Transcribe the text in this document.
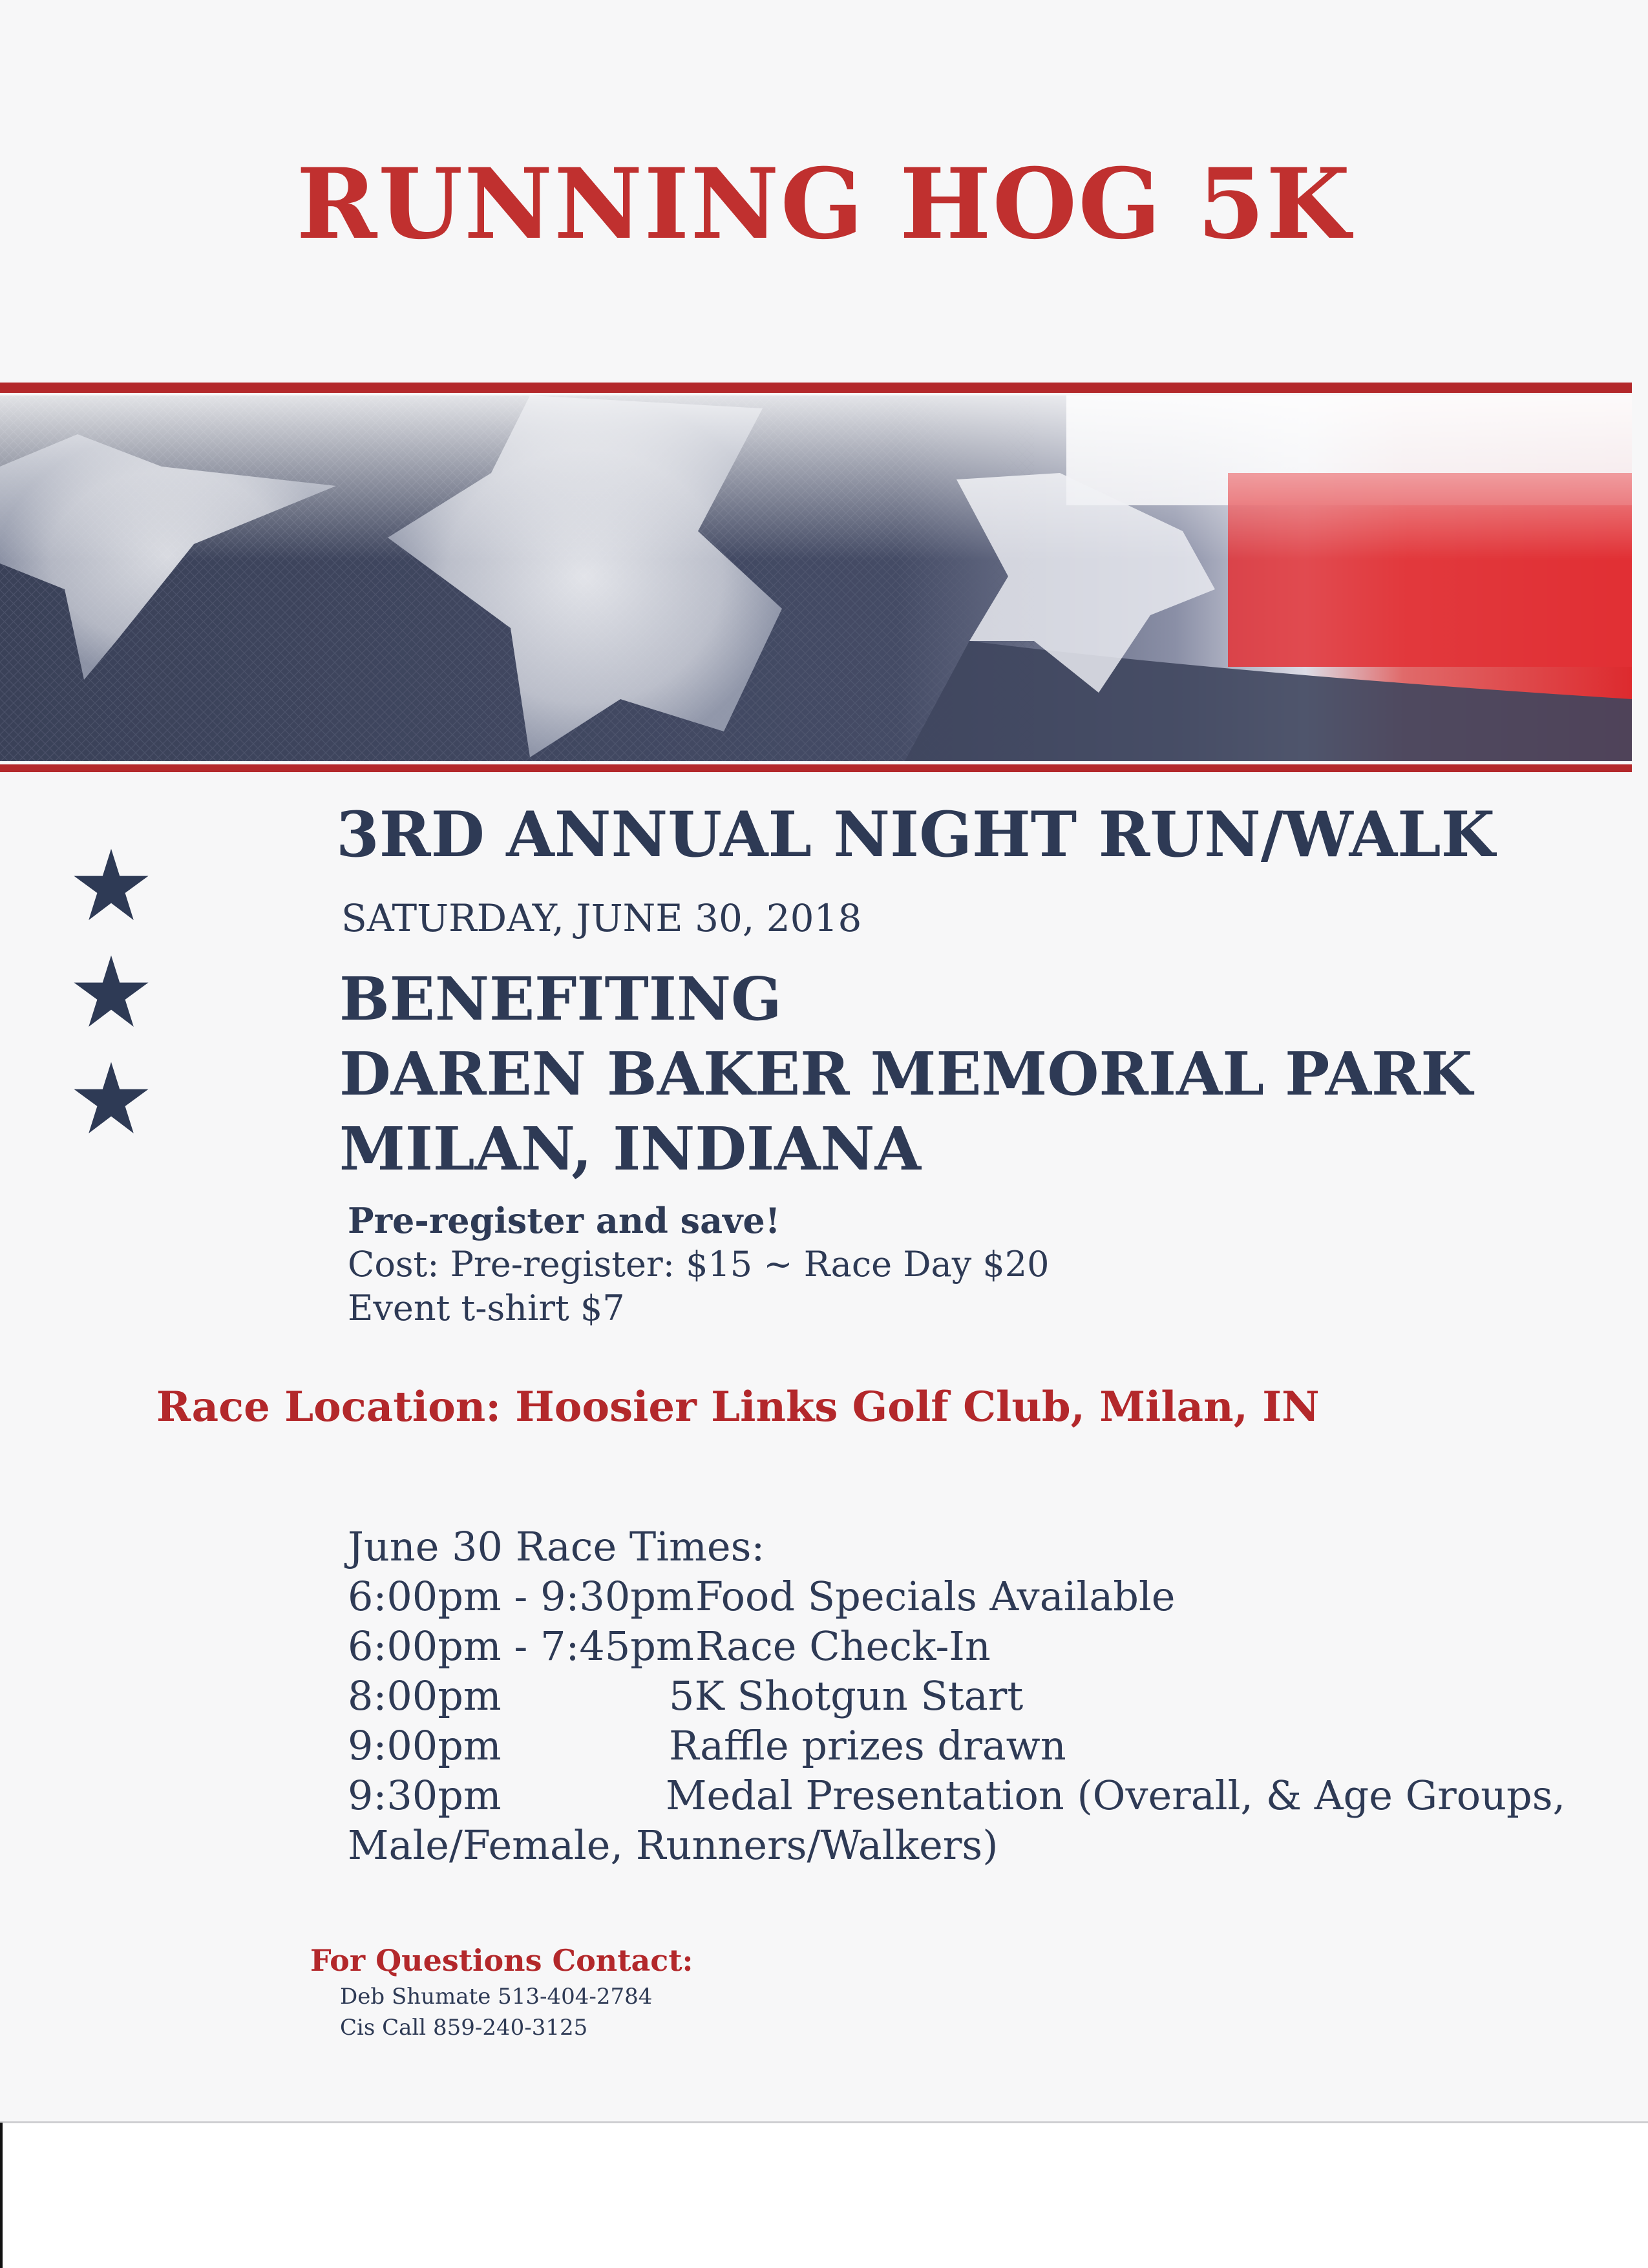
RUNNING HOG 5K
3RD ANNUAL NIGHT RUN/WALK
SATURDAY, JUNE 30, 2018
BENEFITING
DAREN BAKER MEMORIAL PARK
MILAN, INDIANA
Pre-register and save!
Cost: Pre-register: $15 ~ Race Day $20
Event t-shirt $7
Race Location: Hoosier Links Golf Club, Milan, IN
June 30 Race Times:
6:00pm - 9:30pm Food Specials Available
6:00pm - 7:45pm Race Check-In
8:00pm	5K Shotgun Start
9:00pm	Raffle prizes drawn
9:30pm	Medal Presentation (Overall, & Age Groups,
Male/Female, Runners/Walkers)
For Questions Contact:
Deb Shumate 513-404-2784
Cis Call 859-240-3125
